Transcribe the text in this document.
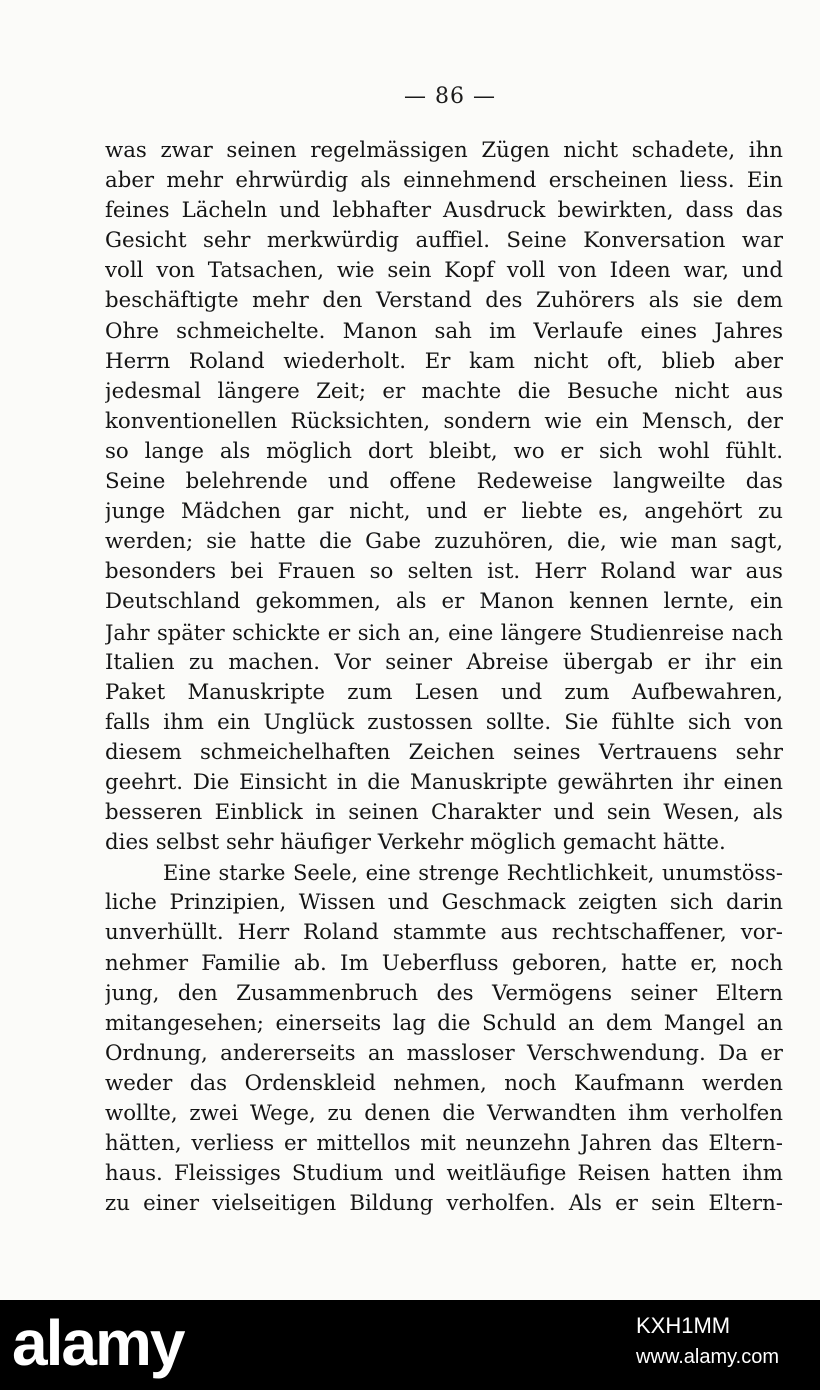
— 86 —
was zwar seinen regelmässigen Zügen nicht schadete, ihn
aber mehr ehrwürdig als einnehmend erscheinen liess. Ein
feines Lächeln und lebhafter Ausdruck bewirkten, dass das
Gesicht sehr merkwürdig auffiel. Seine Konversation war
voll von Tatsachen, wie sein Kopf voll von Ideen war, und
beschäftigte mehr den Verstand des Zuhörers als sie dem
Ohre schmeichelte. Manon sah im Verlaufe eines Jahres
Herrn Roland wiederholt. Er kam nicht oft, blieb aber
jedesmal längere Zeit; er machte die Besuche nicht aus
konventionellen Rücksichten, sondern wie ein Mensch, der
so lange als möglich dort bleibt, wo er sich wohl fühlt.
Seine belehrende und offene Redeweise langweilte das
junge Mädchen gar nicht, und er liebte es, angehört zu
werden; sie hatte die Gabe zuzuhören, die, wie man sagt,
besonders bei Frauen so selten ist. Herr Roland war aus
Deutschland gekommen, als er Manon kennen lernte, ein
Jahr später schickte er sich an, eine längere Studienreise nach
Italien zu machen. Vor seiner Abreise übergab er ihr ein
Paket Manuskripte zum Lesen und zum Aufbewahren,
falls ihm ein Unglück zustossen sollte. Sie fühlte sich von
diesem schmeichelhaften Zeichen seines Vertrauens sehr
geehrt. Die Einsicht in die Manuskripte gewährten ihr einen
besseren Einblick in seinen Charakter und sein Wesen, als
dies selbst sehr häufiger Verkehr möglich gemacht hätte.
Eine starke Seele, eine strenge Rechtlichkeit, unumstöss-
liche Prinzipien, Wissen und Geschmack zeigten sich darin
unverhüllt. Herr Roland stammte aus rechtschaffener, vor-
nehmer Familie ab. Im Ueberfluss geboren, hatte er, noch
jung, den Zusammenbruch des Vermögens seiner Eltern
mitangesehen; einerseits lag die Schuld an dem Mangel an
Ordnung, andererseits an massloser Verschwendung. Da er
weder das Ordenskleid nehmen, noch Kaufmann werden
wollte, zwei Wege, zu denen die Verwandten ihm verholfen
hätten, verliess er mittellos mit neunzehn Jahren das Eltern-
haus. Fleissiges Studium und weitläufige Reisen hatten ihm
zu einer vielseitigen Bildung verholfen. Als er sein Eltern-
alamy	KXH1MM
www.alamy.com
